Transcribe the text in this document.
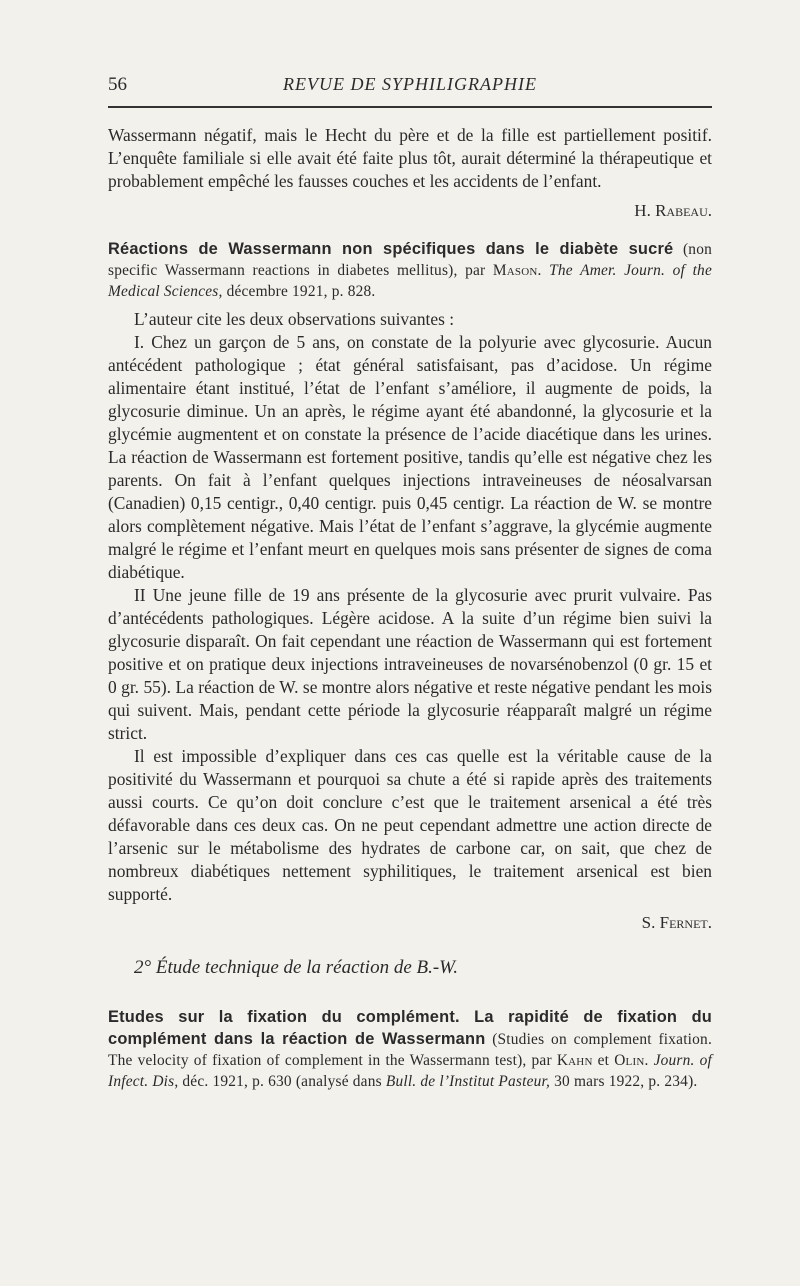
56	REVUE DE SYPHILIGRAPHIE

Wassermann négatif, mais le Hecht du père et de la fille est partiellement positif. L’enquête familiale si elle avait été faite plus tôt, aurait déterminé la thérapeutique et probablement empêché les fausses couches et les accidents de l’enfant.

H. Rabeau.

Réactions de Wassermann non spécifiques dans le diabète sucré (non specific Wassermann reactions in diabetes mellitus), par Mason. The Amer. Journ. of the Medical Sciences, décembre 1921, p. 828.

L’auteur cite les deux observations suivantes :

I. Chez un garçon de 5 ans, on constate de la polyurie avec glycosurie. Aucun antécédent pathologique ; état général satisfaisant, pas d’acidose. Un régime alimentaire étant institué, l’état de l’enfant s’améliore, il augmente de poids, la glycosurie diminue. Un an après, le régime ayant été abandonné, la glycosurie et la glycémie augmentent et on constate la présence de l’acide diacétique dans les urines. La réaction de Wassermann est fortement positive, tandis qu’elle est négative chez les parents. On fait à l’enfant quelques injections intraveineuses de néosalvarsan (Canadien) 0,15 centigr., 0,40 centigr. puis 0,45 centigr. La réaction de W. se montre alors complètement négative. Mais l’état de l’enfant s’aggrave, la glycémie augmente malgré le régime et l’enfant meurt en quelques mois sans présenter de signes de coma diabétique.

II Une jeune fille de 19 ans présente de la glycosurie avec prurit vulvaire. Pas d’antécédents pathologiques. Légère acidose. A la suite d’un régime bien suivi la glycosurie disparaît. On fait cependant une réaction de Wassermann qui est fortement positive et on pratique deux injections intraveineuses de novarsénobenzol (0 gr. 15 et 0 gr. 55). La réaction de W. se montre alors négative et reste négative pendant les mois qui suivent. Mais, pendant cette période la glycosurie réapparaît malgré un régime strict.

Il est impossible d’expliquer dans ces cas quelle est la véritable cause de la positivité du Wassermann et pourquoi sa chute a été si rapide après des traitements aussi courts. Ce qu’on doit conclure c’est que le traitement arsenical a été très défavorable dans ces deux cas. On ne peut cependant admettre une action directe de l’arsenic sur le métabolisme des hydrates de carbone car, on sait, que chez de nombreux diabétiques nettement syphilitiques, le traitement arsenical est bien supporté.

S. Fernet.

2° Étude technique de la réaction de B.-W.

Etudes sur la fixation du complément. La rapidité de fixation du complément dans la réaction de Wassermann (Studies on complement fixation. The velocity of fixation of complement in the Wassermann test), par Kahn et Olin. Journ. of Infect. Dis, déc. 1921, p. 630 (analysé dans Bull. de l’Institut Pasteur, 30 mars 1922, p. 234).
